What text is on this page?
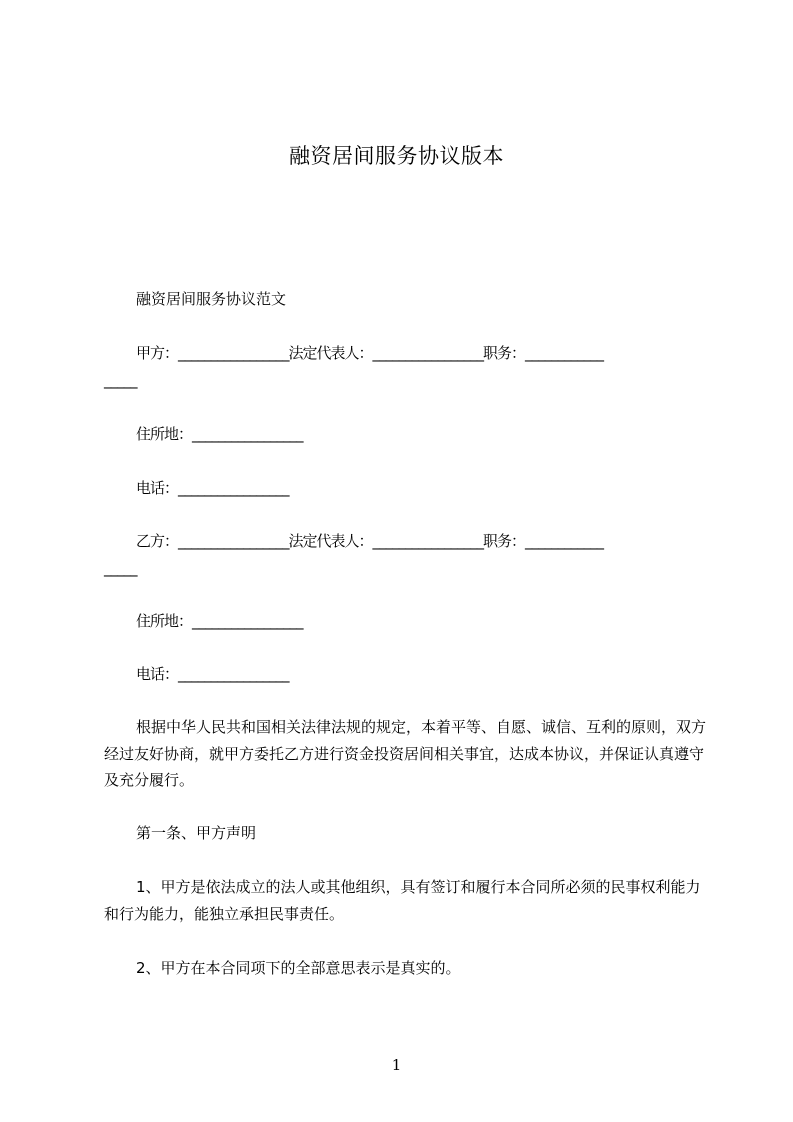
融资居间服务协议版本
融资居间服务协议范文
甲方：_________________法定代表人：_________________职务：____________
_____
住所地：_________________
电话：_________________
乙方：_________________法定代表人：_________________职务：____________
_____
住所地：_________________
电话：_________________
根据中华人民共和国相关法律法规的规定，本着平等、自愿、诚信、互利的原则，双方经过友好协商，就甲方委托乙方进行资金投资居间相关事宜，达成本协议，并保证认真遵守及充分履行。
第一条、甲方声明
1、甲方是依法成立的法人或其他组织，具有签订和履行本合同所必须的民事权利能力和行为能力，能独立承担民事责任。
2、甲方在本合同项下的全部意思表示是真实的。
1
